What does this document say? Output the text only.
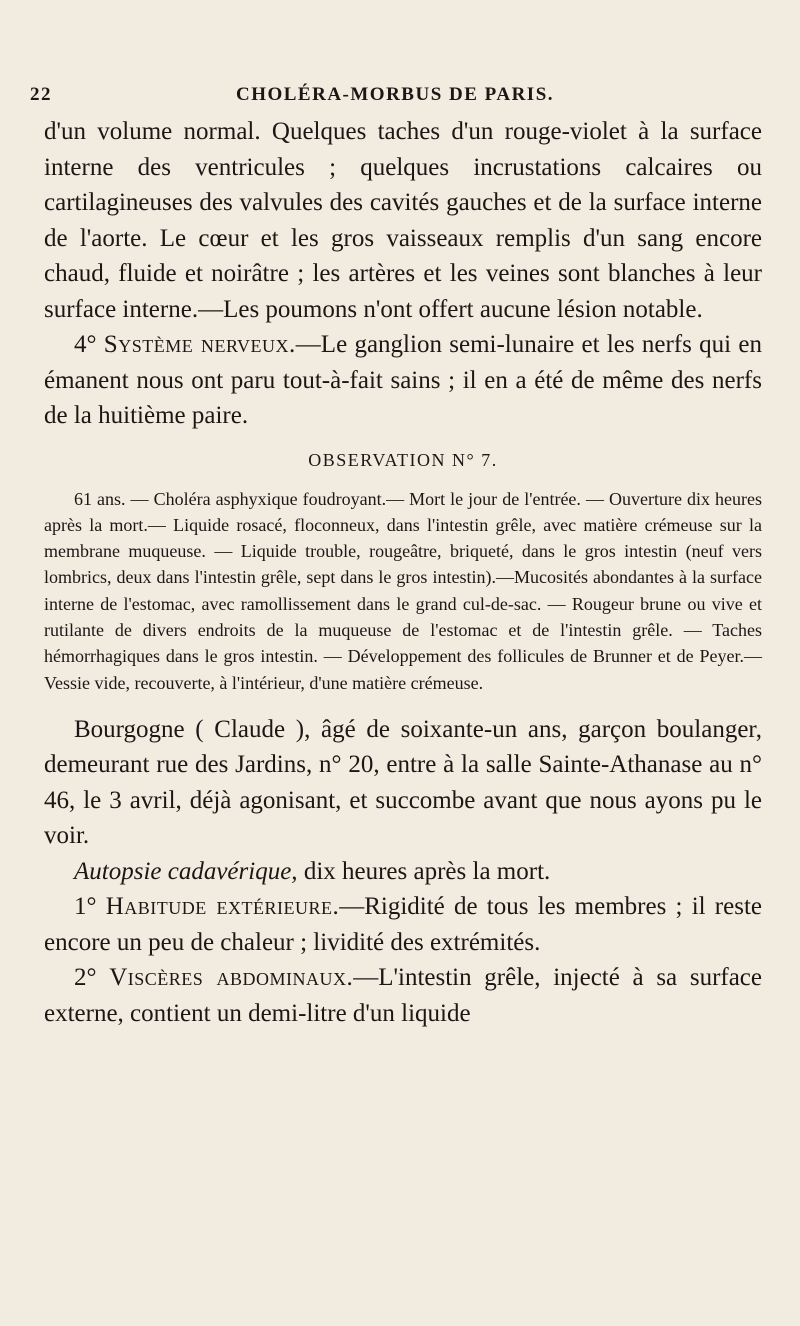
22	CHOLÉRA-MORBUS DE PARIS.

d'un volume normal. Quelques taches d'un rouge-violet à la surface interne des ventricules ; quelques incrustations calcaires ou cartilagineuses des valvules des cavités gauches et de la surface interne de l'aorte. Le cœur et les gros vaisseaux remplis d'un sang encore chaud, fluide et noirâtre ; les artères et les veines sont blanches à leur surface interne.—Les poumons n'ont offert aucune lésion notable.

4° Système nerveux.—Le ganglion semi-lunaire et les nerfs qui en émanent nous ont paru tout-à-fait sains ; il en a été de même des nerfs de la huitième paire.

OBSERVATION N° 7.

61 ans. — Choléra asphyxique foudroyant.— Mort le jour de l'entrée. — Ouverture dix heures après la mort.— Liquide rosacé, floconneux, dans l'intestin grêle, avec matière crémeuse sur la membrane muqueuse. — Liquide trouble, rougeâtre, briqueté, dans le gros intestin (neuf vers lombrics, deux dans l'intestin grêle, sept dans le gros intestin).—Mucosités abondantes à la surface interne de l'estomac, avec ramollissement dans le grand cul-de-sac. — Rougeur brune ou vive et rutilante de divers endroits de la muqueuse de l'estomac et de l'intestin grêle. — Taches hémorrhagiques dans le gros intestin. — Développement des follicules de Brunner et de Peyer.— Vessie vide, recouverte, à l'intérieur, d'une matière crémeuse.

Bourgogne ( Claude ), âgé de soixante-un ans, garçon boulanger, demeurant rue des Jardins, n° 20, entre à la salle Sainte-Athanase au n° 46, le 3 avril, déjà agonisant, et succombe avant que nous ayons pu le voir.

Autopsie cadavérique, dix heures après la mort.

1° Habitude extérieure.—Rigidité de tous les membres ; il reste encore un peu de chaleur ; lividité des extrémités.

2° Viscères abdominaux.—L'intestin grêle, injecté à sa surface externe, contient un demi-litre d'un liquide
